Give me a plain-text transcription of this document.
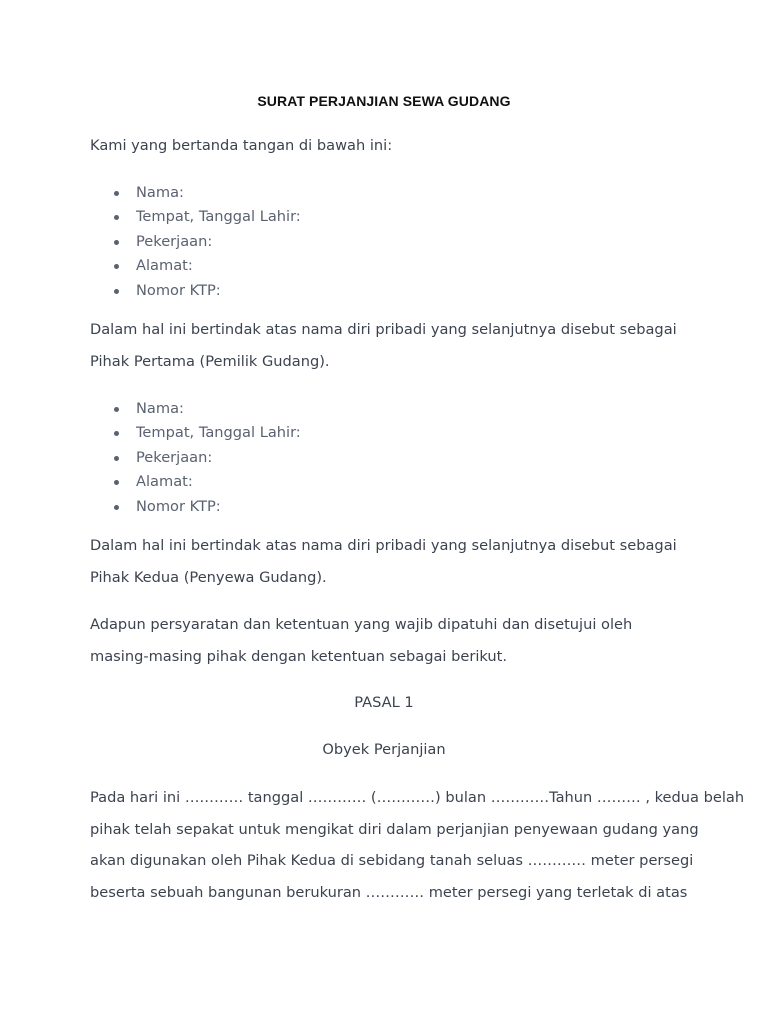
SURAT PERJANJIAN SEWA GUDANG
Kami yang bertanda tangan di bawah ini:
Nama:
Tempat, Tanggal Lahir:
Pekerjaan:
Alamat:
Nomor KTP:
Dalam hal ini bertindak atas nama diri pribadi yang selanjutnya disebut sebagai
Pihak Pertama (Pemilik Gudang).
Nama:
Tempat, Tanggal Lahir:
Pekerjaan:
Alamat:
Nomor KTP:
Dalam hal ini bertindak atas nama diri pribadi yang selanjutnya disebut sebagai
Pihak Kedua (Penyewa Gudang).
Adapun persyaratan dan ketentuan yang wajib dipatuhi dan disetujui oleh
masing-masing pihak dengan ketentuan sebagai berikut.
PASAL 1
Obyek Perjanjian
Pada hari ini ………… tanggal ………… (…………) bulan …………Tahun ……… , kedua belah
pihak telah sepakat untuk mengikat diri dalam perjanjian penyewaan gudang yang
akan digunakan oleh Pihak Kedua di sebidang tanah seluas ………… meter persegi
beserta sebuah bangunan berukuran ………… meter persegi yang terletak di atas
